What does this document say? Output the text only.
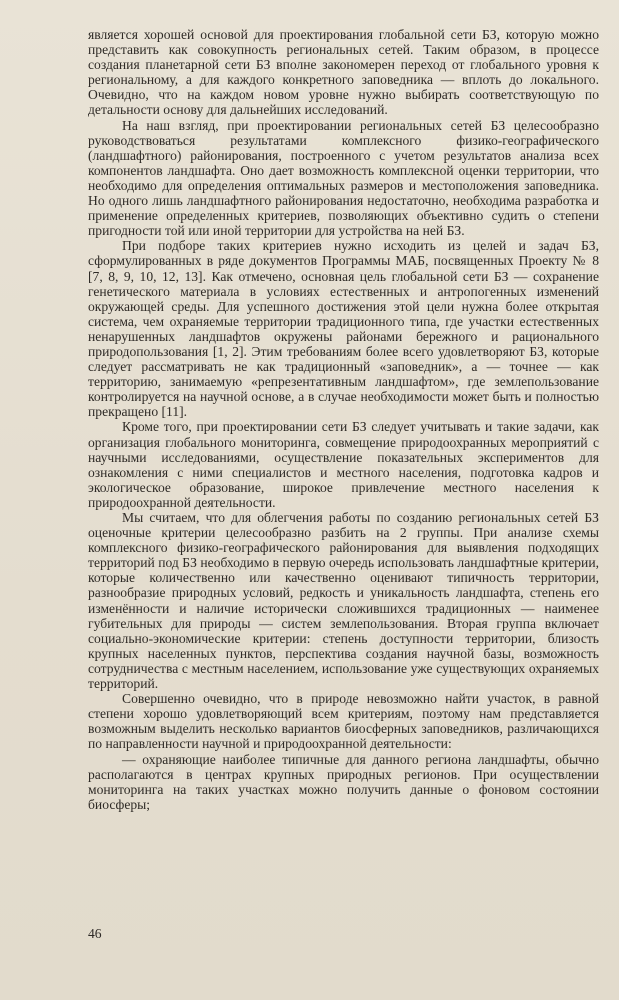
является хорошей основой для проектирования глобальной сети БЗ, которую можно представить как совокупность региональных сетей. Таким образом, в процессе создания планетарной сети БЗ вполне закономерен переход от глобального уровня к региональному, а для каждого конкретного заповедника — вплоть до локального. Очевидно, что на каждом новом уровне нужно выбирать соответствующую по детальности основу для дальнейших исследований.

На наш взгляд, при проектировании региональных сетей БЗ целесообразно руководствоваться результатами комплексного физико-географического (ландшафтного) районирования, построенного с учетом результатов анализа всех компонентов ландшафта. Оно дает возможность комплексной оценки территории, что необходимо для определения оптимальных размеров и местоположения заповедника. Но одного лишь ландшафтного районирования недостаточно, необходима разработка и применение определенных критериев, позволяющих объективно судить о степени пригодности той или иной территории для устройства на ней БЗ.

При подборе таких критериев нужно исходить из целей и задач БЗ, сформулированных в ряде документов Программы МАБ, посвященных Проекту № 8 [7, 8, 9, 10, 12, 13]. Как отмечено, основная цель глобальной сети БЗ — сохранение генетического материала в условиях естественных и антропогенных изменений окружающей среды. Для успешного достижения этой цели нужна более открытая система, чем охраняемые территории традиционного типа, где участки естественных ненарушенных ландшафтов окружены районами бережного и рационального природопользования [1, 2]. Этим требованиям более всего удовлетворяют БЗ, которые следует рассматривать не как традиционный «заповедник», а — точнее — как территорию, занимаемую «репрезентативным ландшафтом», где землепользование контролируется на научной основе, а в случае необходимости может быть и полностью прекращено [11].

Кроме того, при проектировании сети БЗ следует учитывать и такие задачи, как организация глобального мониторинга, совмещение природоохранных мероприятий с научными исследованиями, осуществление показательных экспериментов для ознакомления с ними специалистов и местного населения, подготовка кадров и экологическое образование, широкое привлечение местного населения к природоохранной деятельности.

Мы считаем, что для облегчения работы по созданию региональных сетей БЗ оценочные критерии целесообразно разбить на 2 группы. При анализе схемы комплексного физико-географического районирования для выявления подходящих территорий под БЗ необходимо в первую очередь использовать ландшафтные критерии, которые количественно или качественно оценивают типичность территории, разнообразие природных условий, редкость и уникальность ландшафта, степень его изменённости и наличие исторически сложившихся традиционных — наименее губительных для природы — систем землепользования. Вторая группа включает социально-экономические критерии: степень доступности территории, близость крупных населенных пунктов, перспектива создания научной базы, возможность сотрудничества с местным населением, использование уже существующих охраняемых территорий.

Совершенно очевидно, что в природе невозможно найти участок, в равной степени хорошо удовлетворяющий всем критериям, поэтому нам представляется возможным выделить несколько вариантов биосферных заповедников, различающихся по направленности научной и природоохранной деятельности:

— охраняющие наиболее типичные для данного региона ландшафты, обычно располагаются в центрах крупных природных регионов. При осуществлении мониторинга на таких участках можно получить данные о фоновом состоянии биосферы;

46
